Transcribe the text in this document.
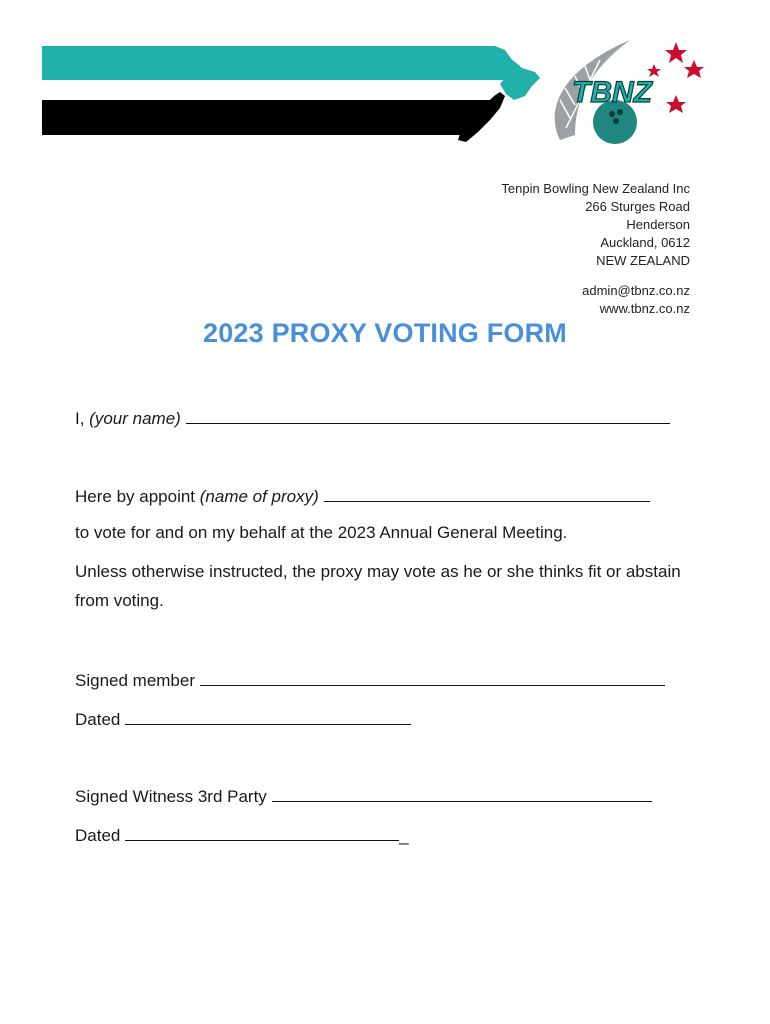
TBNZ
Tenpin Bowling New Zealand Inc
266 Sturges Road
Henderson
Auckland, 0612
NEW ZEALAND
admin@tbnz.co.nz
www.tbnz.co.nz
2023 PROXY VOTING FORM
I, (your name)
Here by appoint (name of proxy)
to vote for and on my behalf at the 2023 Annual General Meeting.
Unless otherwise instructed, the proxy may vote as he or she thinks fit or abstain from voting.
Signed member
Dated
Signed Witness 3rd Party
Dated	_
